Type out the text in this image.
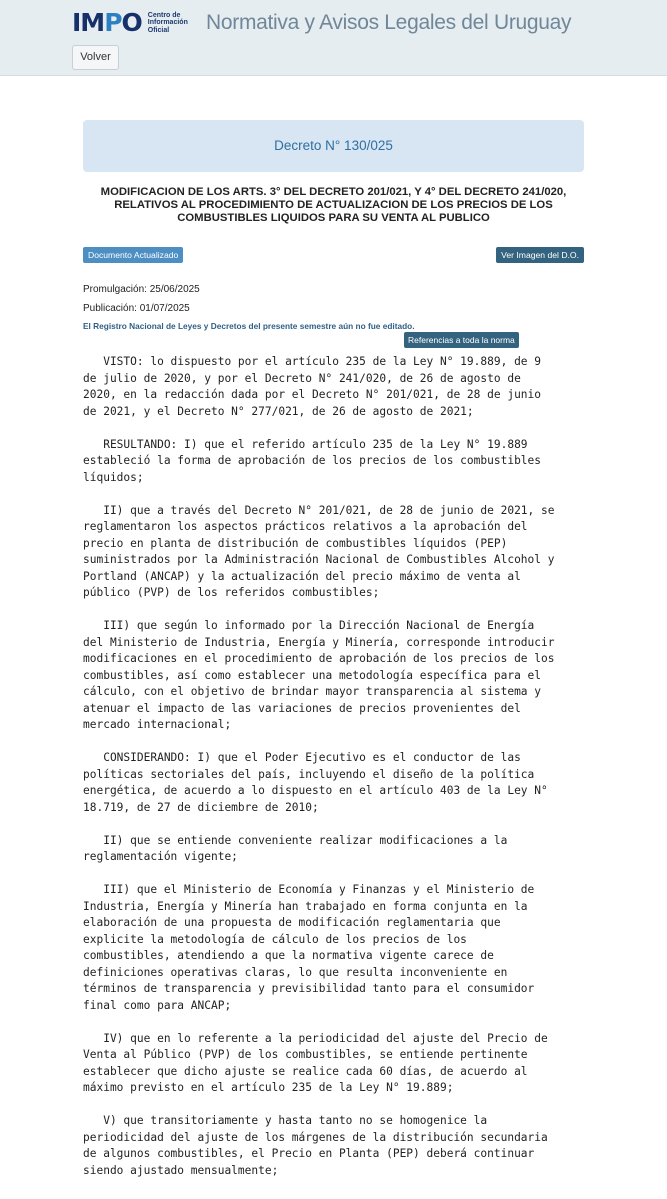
IMPO Centro de
Información
Oficial	Normativa y Avisos Legales del Uruguay
Volver
Decreto N° 130/025
MODIFICACION DE LOS ARTS. 3° DEL DECRETO 201/021, Y 4° DEL DECRETO 241/020, RELATIVOS AL PROCEDIMIENTO DE ACTUALIZACION DE LOS PRECIOS DE LOS COMBUSTIBLES LIQUIDOS PARA SU VENTA AL PUBLICO
Documento Actualizado	Ver Imagen del D.O.
Promulgación: 25/06/2025
Publicación: 01/07/2025
El Registro Nacional de Leyes y Decretos del presente semestre aún no fue editado.
Referencias a toda la norma
VISTO: lo dispuesto por el artículo 235 de la Ley N° 19.889, de 9
de julio de 2020, y por el Decreto N° 241/020, de 26 de agosto de
2020, en la redacción dada por el Decreto N° 201/021, de 28 de junio
de 2021, y el Decreto N° 277/021, de 26 de agosto de 2021;

RESULTANDO: I) que el referido artículo 235 de la Ley N° 19.889
estableció la forma de aprobación de los precios de los combustibles
líquidos;

II) que a través del Decreto N° 201/021, de 28 de junio de 2021, se
reglamentaron los aspectos prácticos relativos a la aprobación del
precio en planta de distribución de combustibles líquidos (PEP)
suministrados por la Administración Nacional de Combustibles Alcohol y
Portland (ANCAP) y la actualización del precio máximo de venta al
público (PVP) de los referidos combustibles;

III) que según lo informado por la Dirección Nacional de Energía
del Ministerio de Industria, Energía y Minería, corresponde introducir
modificaciones en el procedimiento de aprobación de los precios de los
combustibles, así como establecer una metodología específica para el
cálculo, con el objetivo de brindar mayor transparencia al sistema y
atenuar el impacto de las variaciones de precios provenientes del
mercado internacional;

CONSIDERANDO: I) que el Poder Ejecutivo es el conductor de las
políticas sectoriales del país, incluyendo el diseño de la política
energética, de acuerdo a lo dispuesto en el artículo 403 de la Ley N°
18.719, de 27 de diciembre de 2010;

II) que se entiende conveniente realizar modificaciones a la
reglamentación vigente;

III) que el Ministerio de Economía y Finanzas y el Ministerio de
Industria, Energía y Minería han trabajado en forma conjunta en la
elaboración de una propuesta de modificación reglamentaria que
explicite la metodología de cálculo de los precios de los
combustibles, atendiendo a que la normativa vigente carece de
definiciones operativas claras, lo que resulta inconveniente en
términos de transparencia y previsibilidad tanto para el consumidor
final como para ANCAP;

IV) que en lo referente a la periodicidad del ajuste del Precio de
Venta al Público (PVP) de los combustibles, se entiende pertinente
establecer que dicho ajuste se realice cada 60 días, de acuerdo al
máximo previsto en el artículo 235 de la Ley N° 19.889;

V) que transitoriamente y hasta tanto no se homogenice la
periodicidad del ajuste de los márgenes de la distribución secundaria
de algunos combustibles, el Precio en Planta (PEP) deberá continuar
siendo ajustado mensualmente;
